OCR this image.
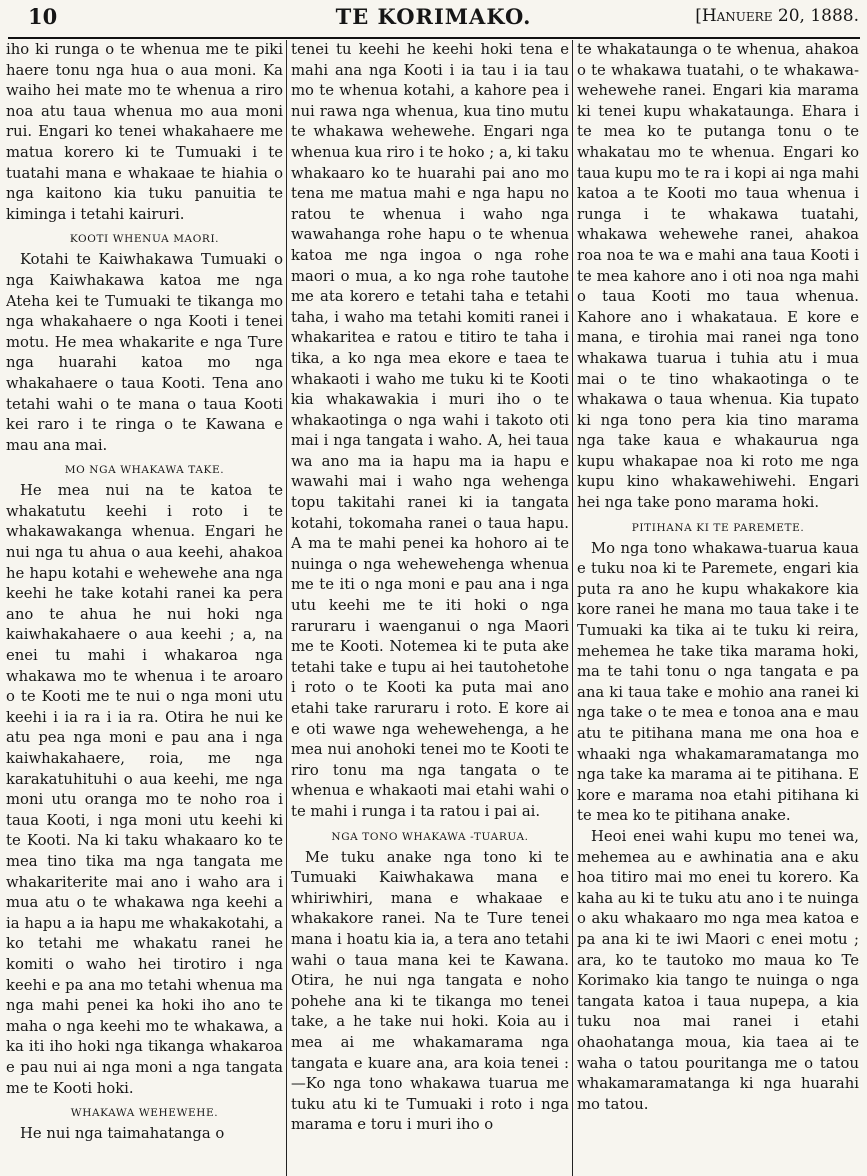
10	TE KORIMAKO.	[Hanuere 20, 1888.

iho ki runga o te whenua me te piki haere tonu nga hua o aua moni. Ka waiho hei mate mo te whenua a riro noa atu taua whenua mo aua moni rui. Engari ko tenei whakahaere me matua korero ki te Tumuaki i te tuatahi mana e whakaae te hiahia o nga kaitono kia tuku panuitia te kiminga i tetahi kairuri.

KOOTI WHENUA MAORI.

Kotahi te Kaiwhakawa Tumuaki o nga Kaiwhakawa katoa me nga Ateha kei te Tumuaki te tikanga mo nga whakahaere o nga Kooti i tenei motu. He mea whakarite e nga Ture nga huarahi katoa mo nga whakahaere o taua Kooti. Tena ano tetahi wahi o te mana o taua Kooti kei raro i te ringa o te Kawana e mau ana mai.

MO NGA WHAKAWA TAKE.

He mea nui na te katoa te whakatutu keehi i roto i te whakawakanga whenua. Engari he nui nga tu ahua o aua keehi, ahakoa he hapu kotahi e wehewehe ana nga keehi he take kotahi ranei ka pera ano te ahua he nui hoki nga kaiwhakahaere o aua keehi ; a, na enei tu mahi i whakaroa nga whakawa mo te whenua i te aroaro o te Kooti me te nui o nga moni utu keehi i ia ra i ia ra. Otira he nui ke atu pea nga moni e pau ana i nga kaiwhakahaere, roia, me nga karakatuhituhi o aua keehi, me nga moni utu oranga mo te noho roa i taua Kooti, i nga moni utu keehi ki te Kooti. Na ki taku whakaaro ko te mea tino tika ma nga tangata me whakariterite mai ano i waho ara i mua atu o te whakawa nga keehi a ia hapu a ia hapu me whakakotahi, a ko tetahi me whakatu ranei he komiti o waho hei tirotiro i nga keehi e pa ana mo tetahi whenua ma nga mahi penei ka hoki iho ano te maha o nga keehi mo te whakawa, a ka iti iho hoki nga tikanga whakaroa e pau nui ai nga moni a nga tangata me te Kooti hoki.

WHAKAWA WEHEWEHE.

He nui nga taimahatanga o

tenei tu keehi he keehi hoki tena e mahi ana nga Kooti i ia tau i ia tau mo te whenua kotahi, a kahore pea i nui rawa nga whenua, kua tino mutu te whakawa wehewehe. Engari nga whenua kua riro i te hoko ; a, ki taku whakaaro ko te huarahi pai ano mo tena me matua mahi e nga hapu no ratou te whenua i waho nga wawahanga rohe hapu o te whenua katoa me nga ingoa o nga rohe maori o mua, a ko nga rohe tautohe me ata korero e tetahi taha e tetahi taha, i waho ma tetahi komiti ranei i whakaritea e ratou e titiro te taha i tika, a ko nga mea ekore e taea te whakaoti i waho me tuku ki te Kooti kia whakawakia i muri iho o te whakaotinga o nga wahi i takoto oti mai i nga tangata i waho. A, hei taua wa ano ma ia hapu ma ia hapu e wawahi mai i waho nga wehenga topu takitahi ranei ki ia tangata kotahi, tokomaha ranei o taua hapu. A ma te mahi penei ka hohoro ai te nuinga o nga wehewehenga whenua me te iti o nga moni e pau ana i nga utu keehi me te iti hoki o nga raruraru i waenganui o nga Maori me te Kooti. Notemea ki te puta ake tetahi take e tupu ai hei tautohetohe i roto o te Kooti ka puta mai ano etahi take raruraru i roto. E kore ai e oti wawe nga wehewehenga, a he mea nui anohoki tenei mo te Kooti te riro tonu ma nga tangata o te whenua e whakaoti mai etahi wahi o te mahi i runga i ta ratou i pai ai.

NGA TONO WHAKAWA -TUARUA.

Me tuku anake nga tono ki te Tumuaki Kaiwhakawa mana e whiriwhiri, mana e whakaae e whakakore ranei. Na te Ture tenei mana i hoatu kia ia, a tera ano tetahi wahi o taua mana kei te Kawana. Otira, he nui nga tangata e noho pohehe ana ki te tikanga mo tenei take, a he take nui hoki. Koia au i mea ai me whakamarama nga tangata e kuare ana, ara koia tenei :—Ko nga tono whakawa tuarua me tuku atu ki te Tumuaki i roto i nga marama e toru i muri iho o

te whakataunga o te whenua, ahakoa o te whakawa tuatahi, o te whakawa-wehewehe ranei. Engari kia marama ki tenei kupu whakataunga. Ehara i te mea ko te putanga tonu o te whakatau mo te whenua. Engari ko taua kupu mo te ra i kopi ai nga mahi katoa a te Kooti mo taua whenua i runga i te whakawa tuatahi, whakawa wehewehe ranei, ahakoa roa noa te wa e mahi ana taua Kooti i te mea kahore ano i oti noa nga mahi o taua Kooti mo taua whenua. Kahore ano i whakataua. E kore e mana, e tirohia mai ranei nga tono whakawa tuarua i tuhia atu i mua mai o te tino whakaotinga o te whakawa o taua whenua. Kia tupato ki nga tono pera kia tino marama nga take kaua e whakaurua nga kupu whakapae noa ki roto me nga kupu kino whakawehiwehi. Engari hei nga take pono marama hoki.

PITIHANA KI TE PAREMETE.

Mo nga tono whakawa-tuarua kaua e tuku noa ki te Paremete, engari kia puta ra ano he kupu whakakore kia kore ranei he mana mo taua take i te Tumuaki ka tika ai te tuku ki reira, mehemea he take tika marama hoki, ma te tahi tonu o nga tangata e pa ana ki taua take e mohio ana ranei ki nga take o te mea e tonoa ana e mau atu te pitihana mana me ona hoa e whaaki nga whakamaramatanga mo nga take ka marama ai te pitihana. E kore e marama noa etahi pitihana ki te mea ko te pitihana anake.

Heoi enei wahi kupu mo tenei wa, mehemea au e awhinatia ana e aku hoa titiro mai mo enei tu korero. Ka kaha au ki te tuku atu ano i te nuinga o aku whakaaro mo nga mea katoa e pa ana ki te iwi Maori c enei motu ; ara, ko te tautoko mo maua ko Te Korimako kia tango te nuinga o nga tangata katoa i taua nupepa, a kia tuku noa mai ranei i etahi ohaohatanga moua, kia taea ai te waha o tatou pouritanga me o tatou whakamaramatanga ki nga huarahi mo tatou.
